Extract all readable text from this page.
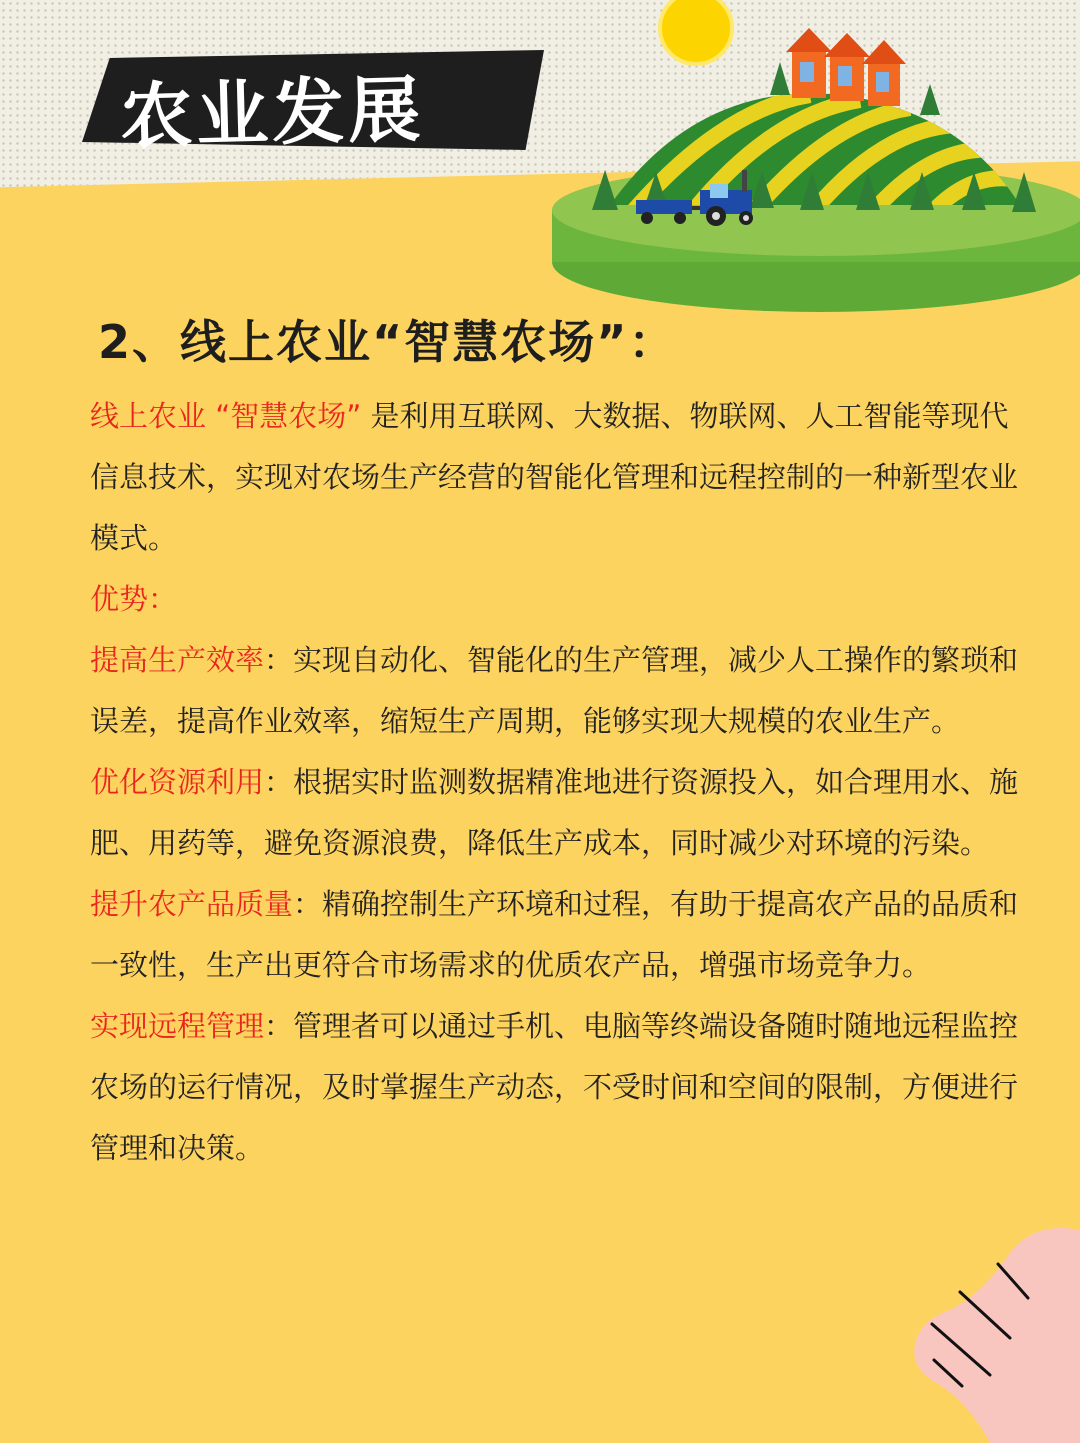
农业发展
2、线上农业“智慧农场”：

线上农业 “智慧农场” 是利用互联网、大数据、物联网、人工智能等现代信息技术，实现对农场生产经营的智能化管理和远程控制的一种新型农业模式。

优势：

提高生产效率：实现自动化、智能化的生产管理，减少人工操作的繁琐和误差，提高作业效率，缩短生产周期，能够实现大规模的农业生产。

优化资源利用：根据实时监测数据精准地进行资源投入，如合理用水、施肥、用药等，避免资源浪费，降低生产成本，同时减少对环境的污染。

提升农产品质量：精确控制生产环境和过程，有助于提高农产品的品质和一致性，生产出更符合市场需求的优质农产品，增强市场竞争力。

实现远程管理：管理者可以通过手机、电脑等终端设备随时随地远程监控农场的运行情况，及时掌握生产动态，不受时间和空间的限制，方便进行管理和决策。
